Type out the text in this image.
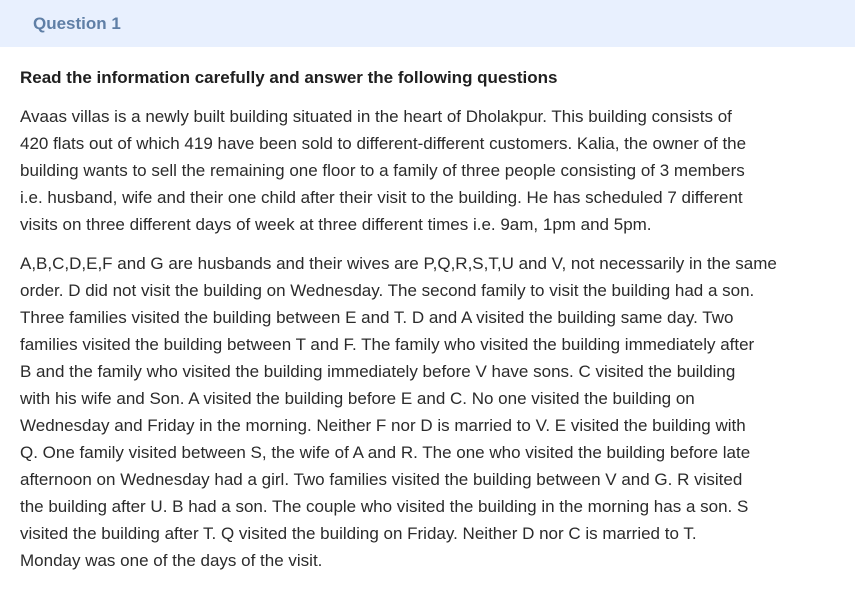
Question 1
Read the information carefully and answer the following questions
Avaas villas is a newly built building situated in the heart of Dholakpur. This building consists of
420 flats out of which 419 have been sold to different-different customers. Kalia, the owner of the
building wants to sell the remaining one floor to a family of three people consisting of 3 members
i.e. husband, wife and their one child after their visit to the building. He has scheduled 7 different
visits on three different days of week at three different times i.e. 9am, 1pm and 5pm.
A,B,C,D,E,F and G are husbands and their wives are P,Q,R,S,T,U and V, not necessarily in the same
order. D did not visit the building on Wednesday. The second family to visit the building had a son.
Three families visited the building between E and T. D and A visited the building same day. Two
families visited the building between T and F. The family who visited the building immediately after
B and the family who visited the building immediately before V have sons. C visited the building
with his wife and Son. A visited the building before E and C. No one visited the building on
Wednesday and Friday in the morning. Neither F nor D is married to V. E visited the building with
Q. One family visited between S, the wife of A and R. The one who visited the building before late
afternoon on Wednesday had a girl. Two families visited the building between V and G. R visited
the building after U. B had a son. The couple who visited the building in the morning has a son. S
visited the building after T. Q visited the building on Friday. Neither D nor C is married to T.
Monday was one of the days of the visit.
